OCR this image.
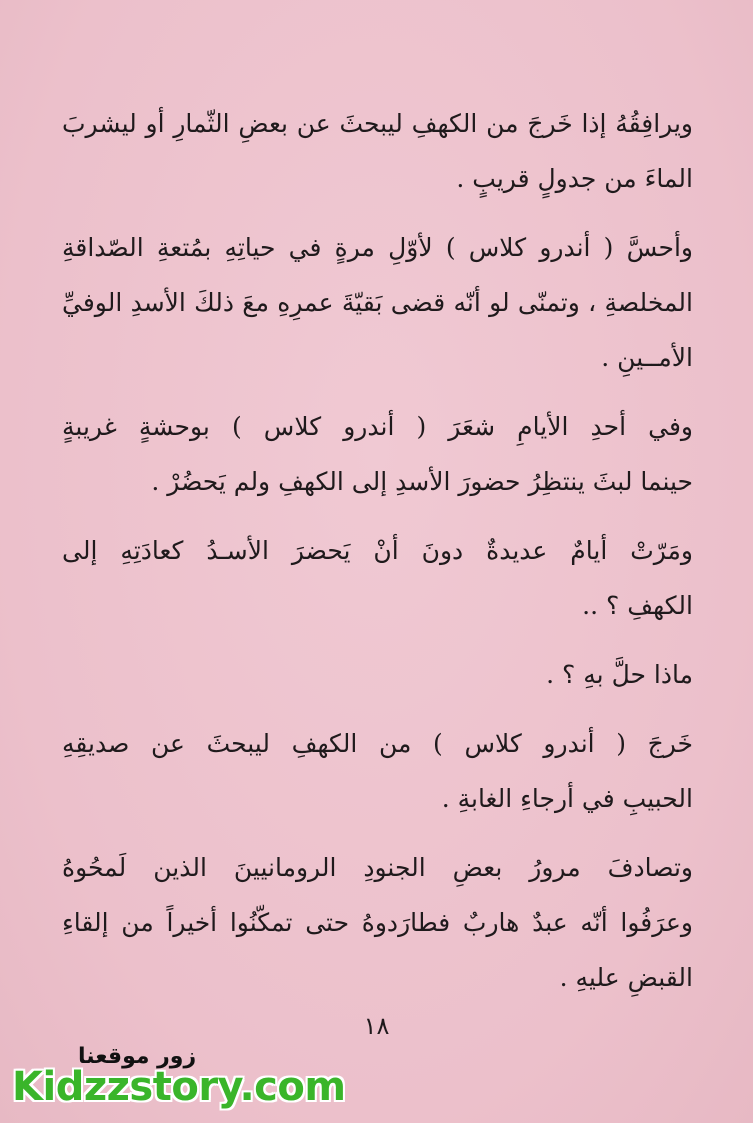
ويرافِقُهُ إذا خَرجَ من الكهفِ ليبحثَ عن بعضِ الثّمارِ أو ليشربَ
الماءَ من جدولٍ قريبٍ .

وأحسَّ ( أندرو كلاس ) لأوّلِ مرةٍ في حياتِهِ بمُتعةِ الصّداقةِ
المخلصةِ ، وتمنّى لو أنّه قضى بَقيّةَ عمرِهِ معَ ذلكَ الأسدِ الوفيِّ
الأمــينِ .

وفي أحدِ الأيامِ شعَرَ ( أندرو كلاس ) بوحشةٍ غريبةٍ
حينما لبثَ ينتظِرُ حضورَ الأسدِ إلى الكهفِ ولم يَحضُرْ .

ومَرّتْ أيامٌ عديدةٌ دونَ أنْ يَحضرَ الأسـدُ كعادَتِهِ إلى
الكهفِ ؟ ..

ماذا حلَّ بهِ ؟ .

خَرجَ ( أندرو كلاس ) من الكهفِ ليبحثَ عن صديقِهِ
الحبيبِ في أرجاءِ الغابةِ .

وتصادفَ مرورُ بعضِ الجنودِ الرومانيينَ الذين لَمحُوهُ
وعرَفُوا أنّه عبدٌ هاربٌ فطارَدوهُ حتى تمكّنُوا أخيراً من إلقاءِ
القبضِ عليهِ .

١٨
زور موقعنا
Kidzzstory.com
